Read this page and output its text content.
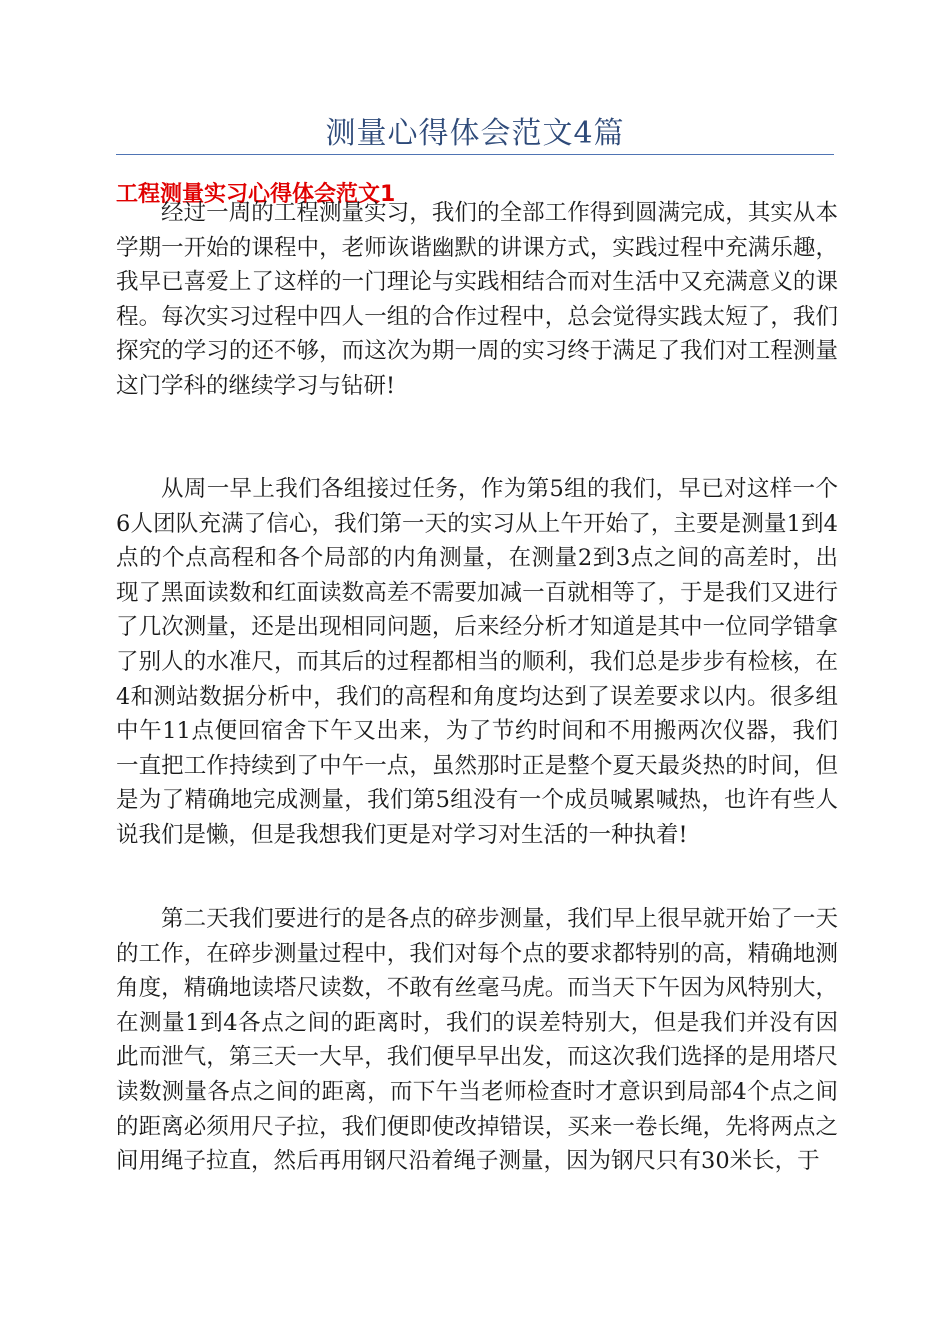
测量心得体会范文4篇
工程测量实习心得体会范文1

经过一周的工程测量实习，我们的全部工作得到圆满完成，其实从本学期一开始的课程中，老师诙谐幽默的讲课方式，实践过程中充满乐趣，我早已喜爱上了这样的一门理论与实践相结合而对生活中又充满意义的课程。每次实习过程中四人一组的合作过程中，总会觉得实践太短了，我们探究的学习的还不够，而这次为期一周的实习终于满足了我们对工程测量这门学科的继续学习与钻研!

从周一早上我们各组接过任务，作为第5组的我们，早已对这样一个6人团队充满了信心，我们第一天的实习从上午开始了，主要是测量1到4点的个点高程和各个局部的内角测量，在测量2到3点之间的高差时，出现了黑面读数和红面读数高差不需要加减一百就相等了，于是我们又进行了几次测量，还是出现相同问题，后来经分析才知道是其中一位同学错拿了别人的水准尺，而其后的过程都相当的顺利，我们总是步步有检核，在4和测站数据分析中，我们的高程和角度均达到了误差要求以内。很多组中午11点便回宿舍下午又出来，为了节约时间和不用搬两次仪器，我们一直把工作持续到了中午一点，虽然那时正是整个夏天最炎热的时间，但是为了精确地完成测量，我们第5组没有一个成员喊累喊热，也许有些人说我们是懒，但是我想我们更是对学习对生活的一种执着!

第二天我们要进行的是各点的碎步测量，我们早上很早就开始了一天的工作，在碎步测量过程中，我们对每个点的要求都特别的高，精确地测角度，精确地读塔尺读数，不敢有丝毫马虎。而当天下午因为风特别大，在测量1到4各点之间的距离时，我们的误差特别大，但是我们并没有因此而泄气，第三天一大早，我们便早早出发，而这次我们选择的是用塔尺读数测量各点之间的距离，而下午当老师检查时才意识到局部4个点之间的距离必须用尺子拉，我们便即使改掉错误，买来一卷长绳，先将两点之间用绳子拉直，然后再用钢尺沿着绳子测量，因为钢尺只有30米长，于
